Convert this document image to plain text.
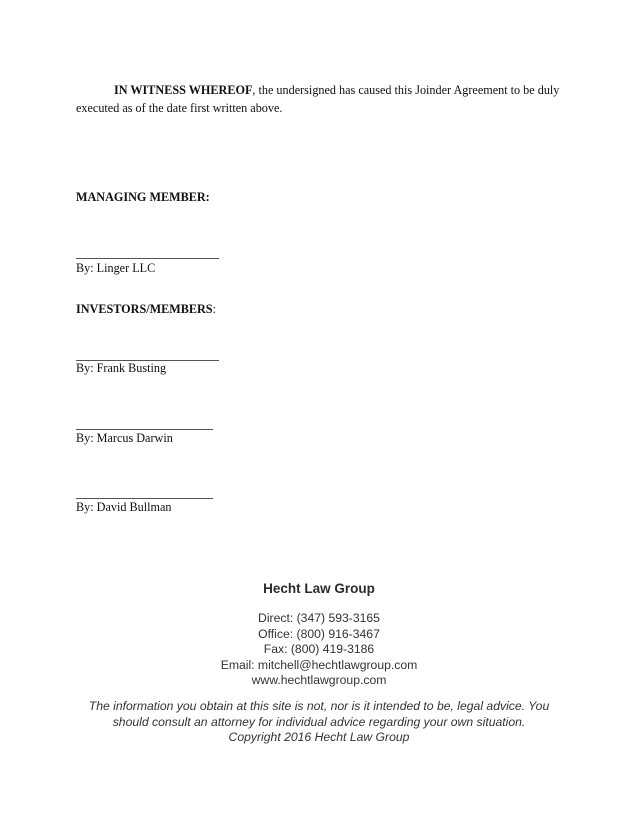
IN WITNESS WHEREOF, the undersigned has caused this Joinder Agreement to be duly executed as of the date first written above.
MANAGING MEMBER:
By: Linger LLC
INVESTORS/MEMBERS:
By: Frank Busting
By: Marcus Darwin
By: David Bullman
Hecht Law Group
Direct: (347) 593-3165
Office: (800) 916-3467
Fax: (800) 419-3186
Email: mitchell@hechtlawgroup.com
www.hechtlawgroup.com
The information you obtain at this site is not, nor is it intended to be, legal advice. You
should consult an attorney for individual advice regarding your own situation.
Copyright 2016 Hecht Law Group
